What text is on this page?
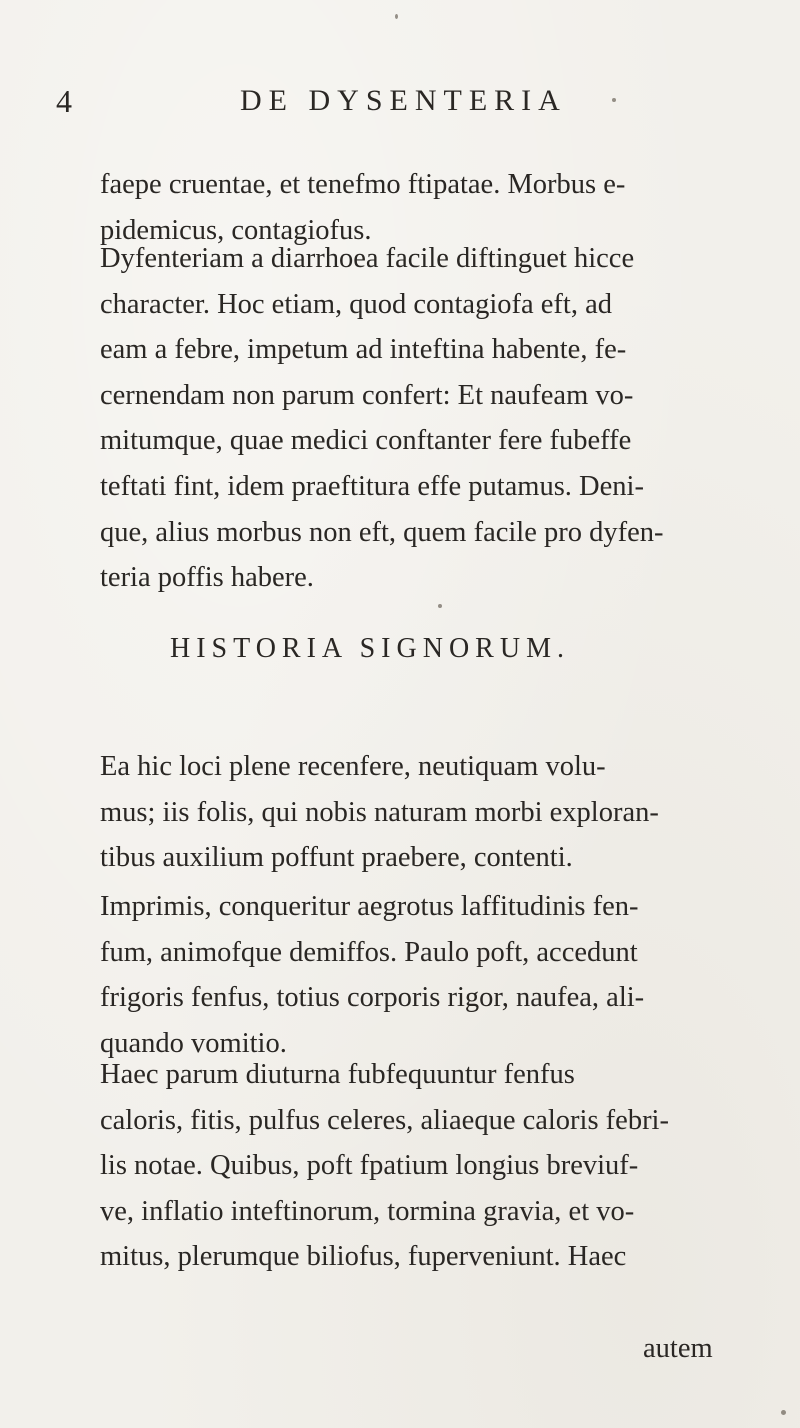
4	DE DYSENTERIA

faepe cruentae, et tenefmo ftipatae. Morbus e-
pidemicus, contagiofus.

Dyfenteriam a diarrhoea facile diftinguet hicce
character. Hoc etiam, quod contagiofa eft, ad
eam a febre, impetum ad inteftina habente, fe-
cernendam non parum confert: Et naufeam vo-
mitumque, quae medici conftanter fere fubeffe
teftati fint, idem praeftitura effe putamus. Deni-
que, alius morbus non eft, quem facile pro dyfen-
teria poffis habere.

HISTORIA SIGNORUM.

Ea hic loci plene recenfere, neutiquam volu-
mus; iis folis, qui nobis naturam morbi exploran-
tibus auxilium poffunt praebere, contenti.

Imprimis, conqueritur aegrotus laffitudinis fen-
fum, animofque demiffos. Paulo poft, accedunt
frigoris fenfus, totius corporis rigor, naufea, ali-
quando vomitio.

Haec parum diuturna fubfequuntur fenfus
caloris, fitis, pulfus celeres, aliaeque caloris febri-
lis notae. Quibus, poft fpatium longius breviuf-
ve, inflatio inteftinorum, tormina gravia, et vo-
mitus, plerumque biliofus, fuperveniunt. Haec

autem
